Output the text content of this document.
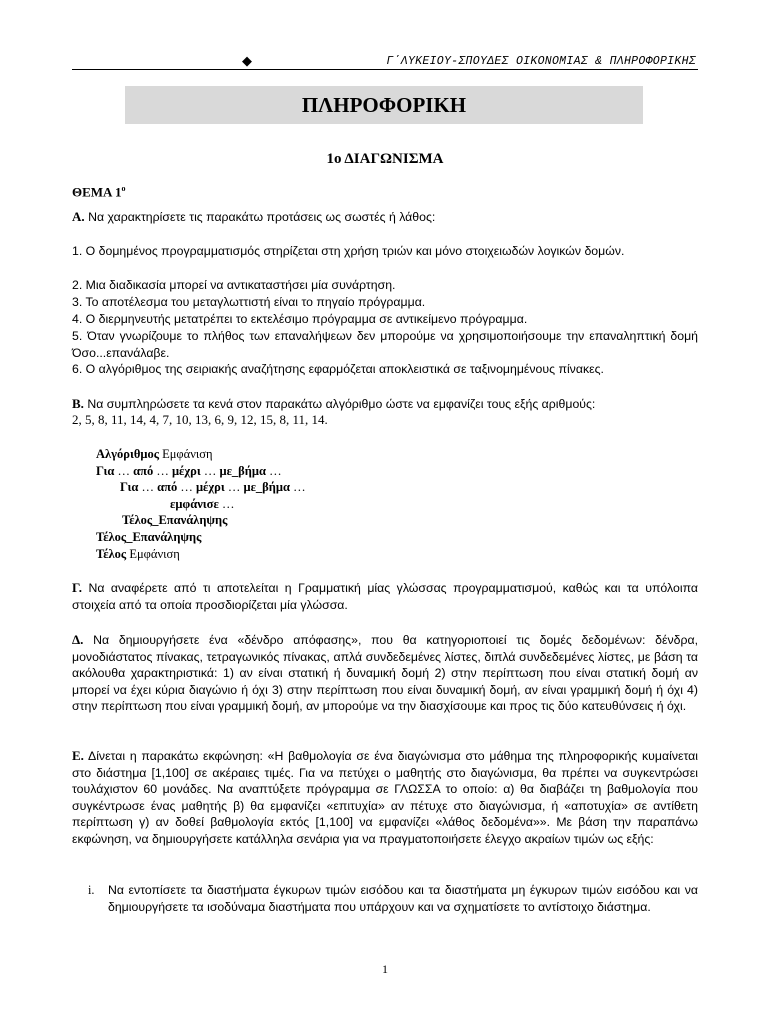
◆	Γ΄ΛΥΚΕΙΟΥ-ΣΠΟΥΔΕΣ ΟΙΚΟΝΟΜΙΑΣ & ΠΛΗΡΟΦΟΡΙΚΗΣ
ΠΛΗΡΟΦΟΡΙΚΗ
1ο ΔΙΑΓΩΝΙΣΜΑ
ΘΕΜΑ $1^o$
Α. Να χαρακτηρίσετε τις παρακάτω προτάσεις ως σωστές ή λάθος:
1. Ο δομημένος προγραμματισμός στηρίζεται στη χρήση τριών και μόνο στοιχειωδών λογικών δομών.
2. Μια διαδικασία μπορεί να αντικαταστήσει μία συνάρτηση.
3. Το αποτέλεσμα του μεταγλωττιστή είναι το πηγαίο πρόγραμμα.
4. Ο διερμηνευτής μετατρέπει το εκτελέσιμο πρόγραμμα σε αντικείμενο πρόγραμμα.
5. Όταν γνωρίζουμε το πλήθος των επαναλήψεων δεν μπορούμε να χρησιμοποιήσουμε την επαναληπτική δομή Όσο...επανάλαβε.
6. Ο αλγόριθμος της σειριακής αναζήτησης εφαρμόζεται αποκλειστικά σε ταξινομημένους πίνακες.
Β. Να συμπληρώσετε τα κενά στον παρακάτω αλγόριθμο ώστε να εμφανίζει τους εξής αριθμούς:
2, 5, 8, 11, 14, 4, 7, 10, 13, 6, 9, 12, 15, 8, 11, 14.
Αλγόριθμος Εμφάνιση
Για … από … μέχρι … με_βήμα …
Για … από … μέχρι … με_βήμα …
εμφάνισε …
Τέλος_Επανάληψης
Τέλος_Επανάληψης
Τέλος Εμφάνιση
Γ. Να αναφέρετε από τι αποτελείται η Γραμματική μίας γλώσσας προγραμματισμού, καθώς και τα υπόλοιπα στοιχεία από τα οποία προσδιορίζεται μία γλώσσα.
Δ. Να δημιουργήσετε ένα «δένδρο απόφασης», που θα κατηγοριοποιεί τις δομές δεδομένων: δένδρα, μονοδιάστατος πίνακας, τετραγωνικός πίνακας, απλά συνδεδεμένες λίστες, διπλά συνδεδεμένες λίστες, με βάση τα ακόλουθα χαρακτηριστικά: 1) αν είναι στατική ή δυναμική δομή 2) στην περίπτωση που είναι στατική δομή αν μπορεί να έχει κύρια διαγώνιο ή όχι 3) στην περίπτωση που είναι δυναμική δομή, αν είναι γραμμική δομή ή όχι 4) στην περίπτωση που είναι γραμμική δομή, αν μπορούμε να την διασχίσουμε και προς τις δύο κατευθύνσεις ή όχι.
Ε. Δίνεται η παρακάτω εκφώνηση: «Η βαθμολογία σε ένα διαγώνισμα στο μάθημα της πληροφορικής κυμαίνεται στο διάστημα [1,100] σε ακέραιες τιμές. Για να πετύχει ο μαθητής στο διαγώνισμα, θα πρέπει να συγκεντρώσει τουλάχιστον 60 μονάδες. Να αναπτύξετε πρόγραμμα σε ΓΛΩΣΣΑ το οποίο: α) θα διαβάζει τη βαθμολογία που συγκέντρωσε ένας μαθητής β) θα εμφανίζει «επιτυχία» αν πέτυχε στο διαγώνισμα, ή «αποτυχία» σε αντίθετη περίπτωση γ) αν δοθεί βαθμολογία εκτός [1,100] να εμφανίζει «λάθος δεδομένα»». Με βάση την παραπάνω εκφώνηση, να δημιουργήσετε κατάλληλα σενάρια για να πραγματοποιήσετε έλεγχο ακραίων τιμών ως εξής:
i.	Να εντοπίσετε τα διαστήματα έγκυρων τιμών εισόδου και τα διαστήματα μη έγκυρων τιμών εισόδου και να δημιουργήσετε τα ισοδύναμα διαστήματα που υπάρχουν και να σχηματίσετε το αντίστοιχο διάστημα.
1
